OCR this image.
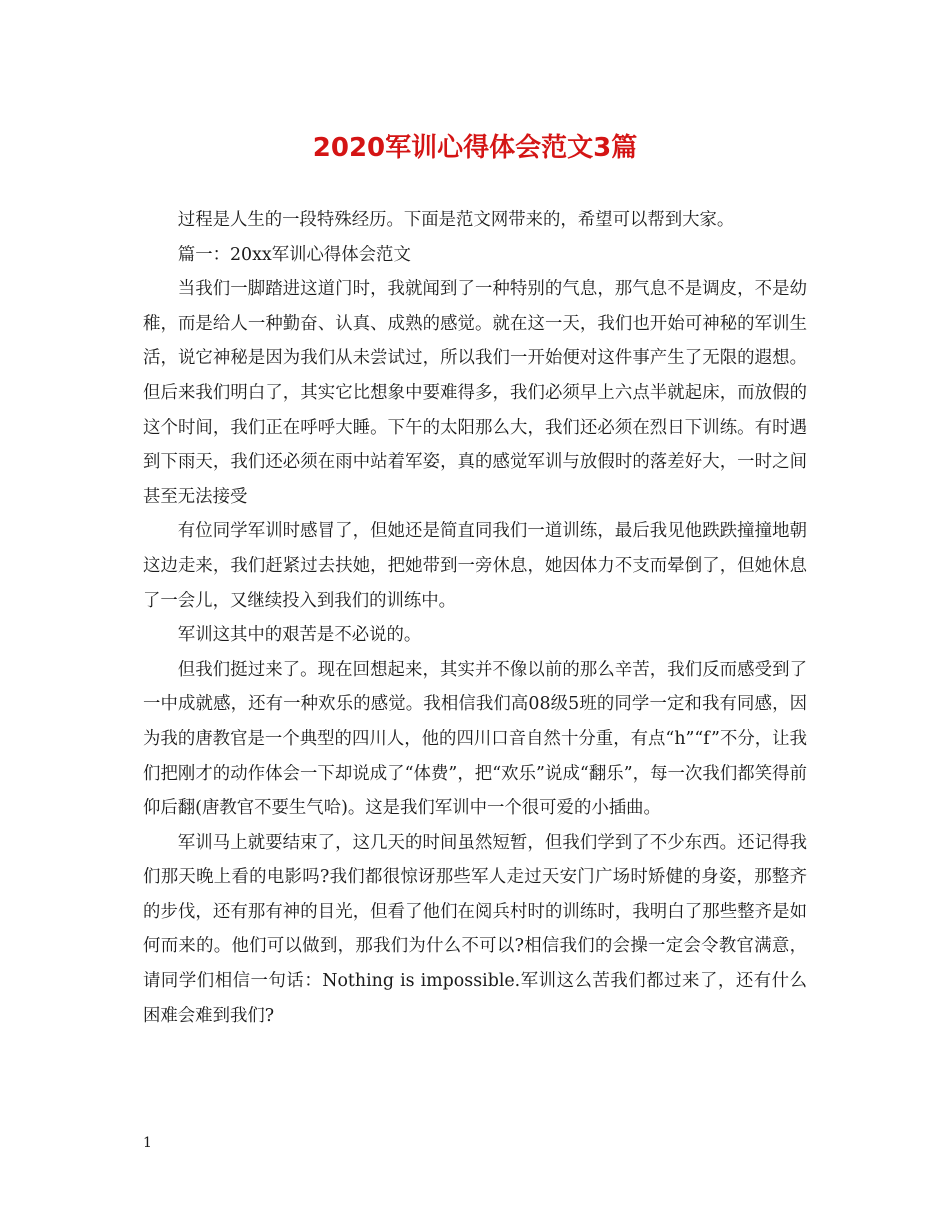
2020军训心得体会范文3篇

过程是人生的一段特殊经历。下面是范文网带来的，希望可以帮到大家。

篇一：20xx军训心得体会范文

当我们一脚踏进这道门时，我就闻到了一种特别的气息，那气息不是调皮，不是幼稚，而是给人一种勤奋、认真、成熟的感觉。就在这一天，我们也开始可神秘的军训生活，说它神秘是因为我们从未尝试过，所以我们一开始便对这件事产生了无限的遐想。但后来我们明白了，其实它比想象中要难得多，我们必须早上六点半就起床，而放假的这个时间，我们正在呼呼大睡。下午的太阳那么大，我们还必须在烈日下训练。有时遇到下雨天，我们还必须在雨中站着军姿，真的感觉军训与放假时的落差好大，一时之间甚至无法接受

有位同学军训时感冒了，但她还是简直同我们一道训练，最后我见他跌跌撞撞地朝这边走来，我们赶紧过去扶她，把她带到一旁休息，她因体力不支而晕倒了，但她休息了一会儿，又继续投入到我们的训练中。

军训这其中的艰苦是不必说的。

但我们挺过来了。现在回想起来，其实并不像以前的那么辛苦，我们反而感受到了一中成就感，还有一种欢乐的感觉。我相信我们高08级5班的同学一定和我有同感，因为我的唐教官是一个典型的四川人，他的四川口音自然十分重，有点“h”“f”不分，让我们把刚才的动作体会一下却说成了“体费”，把“欢乐”说成“翻乐”，每一次我们都笑得前仰后翻(唐教官不要生气哈)。这是我们军训中一个很可爱的小插曲。

军训马上就要结束了，这几天的时间虽然短暂，但我们学到了不少东西。还记得我们那天晚上看的电影吗?我们都很惊讶那些军人走过天安门广场时矫健的身姿，那整齐的步伐，还有那有神的目光，但看了他们在阅兵村时的训练时，我明白了那些整齐是如何而来的。他们可以做到，那我们为什么不可以?相信我们的会操一定会令教官满意，请同学们相信一句话：Nothing is impossible.军训这么苦我们都过来了，还有什么困难会难到我们?

1
